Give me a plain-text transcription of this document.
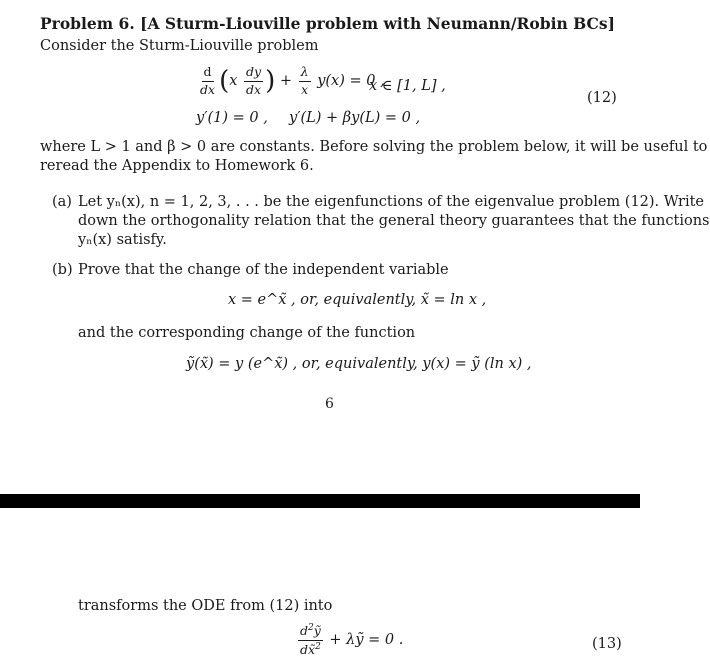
Problem 6. [A Sturm-Liouville problem with Neumann/Robin BCs]
Consider the Sturm-Liouville problem
$\frac{d}{dx} (x \frac{dy}{dx}$ ) + $\frac{\lambda}{x} y(x) = 0$ ,
x ∈ [1, L] ,
(12)
y′(1) = 0 , y′(L) + βy(L) = 0 ,
where L > 1 and β > 0 are constants. Before solving the problem below, it will be useful to
reread the Appendix to Homework 6.
(a) Let yₙ(x), n = 1, 2, 3, . . . be the eigenfunctions of the eigenvalue problem (12). Write
down the orthogonality relation that the general theory guarantees that the functions
yₙ(x) satisfy.
(b) Prove that the change of the independent variable
x = e^x̃ , or, equivalently, x̃ = ln x ,
and the corresponding change of the function
ỹ(x̃) = y (e^x̃) , or, equivalently, y(x) = ỹ (ln x) ,
6
transforms the ODE from (12) into
$\frac{d^2ỹ}{dx̃^2}$ + λỹ = 0 .	(13)
